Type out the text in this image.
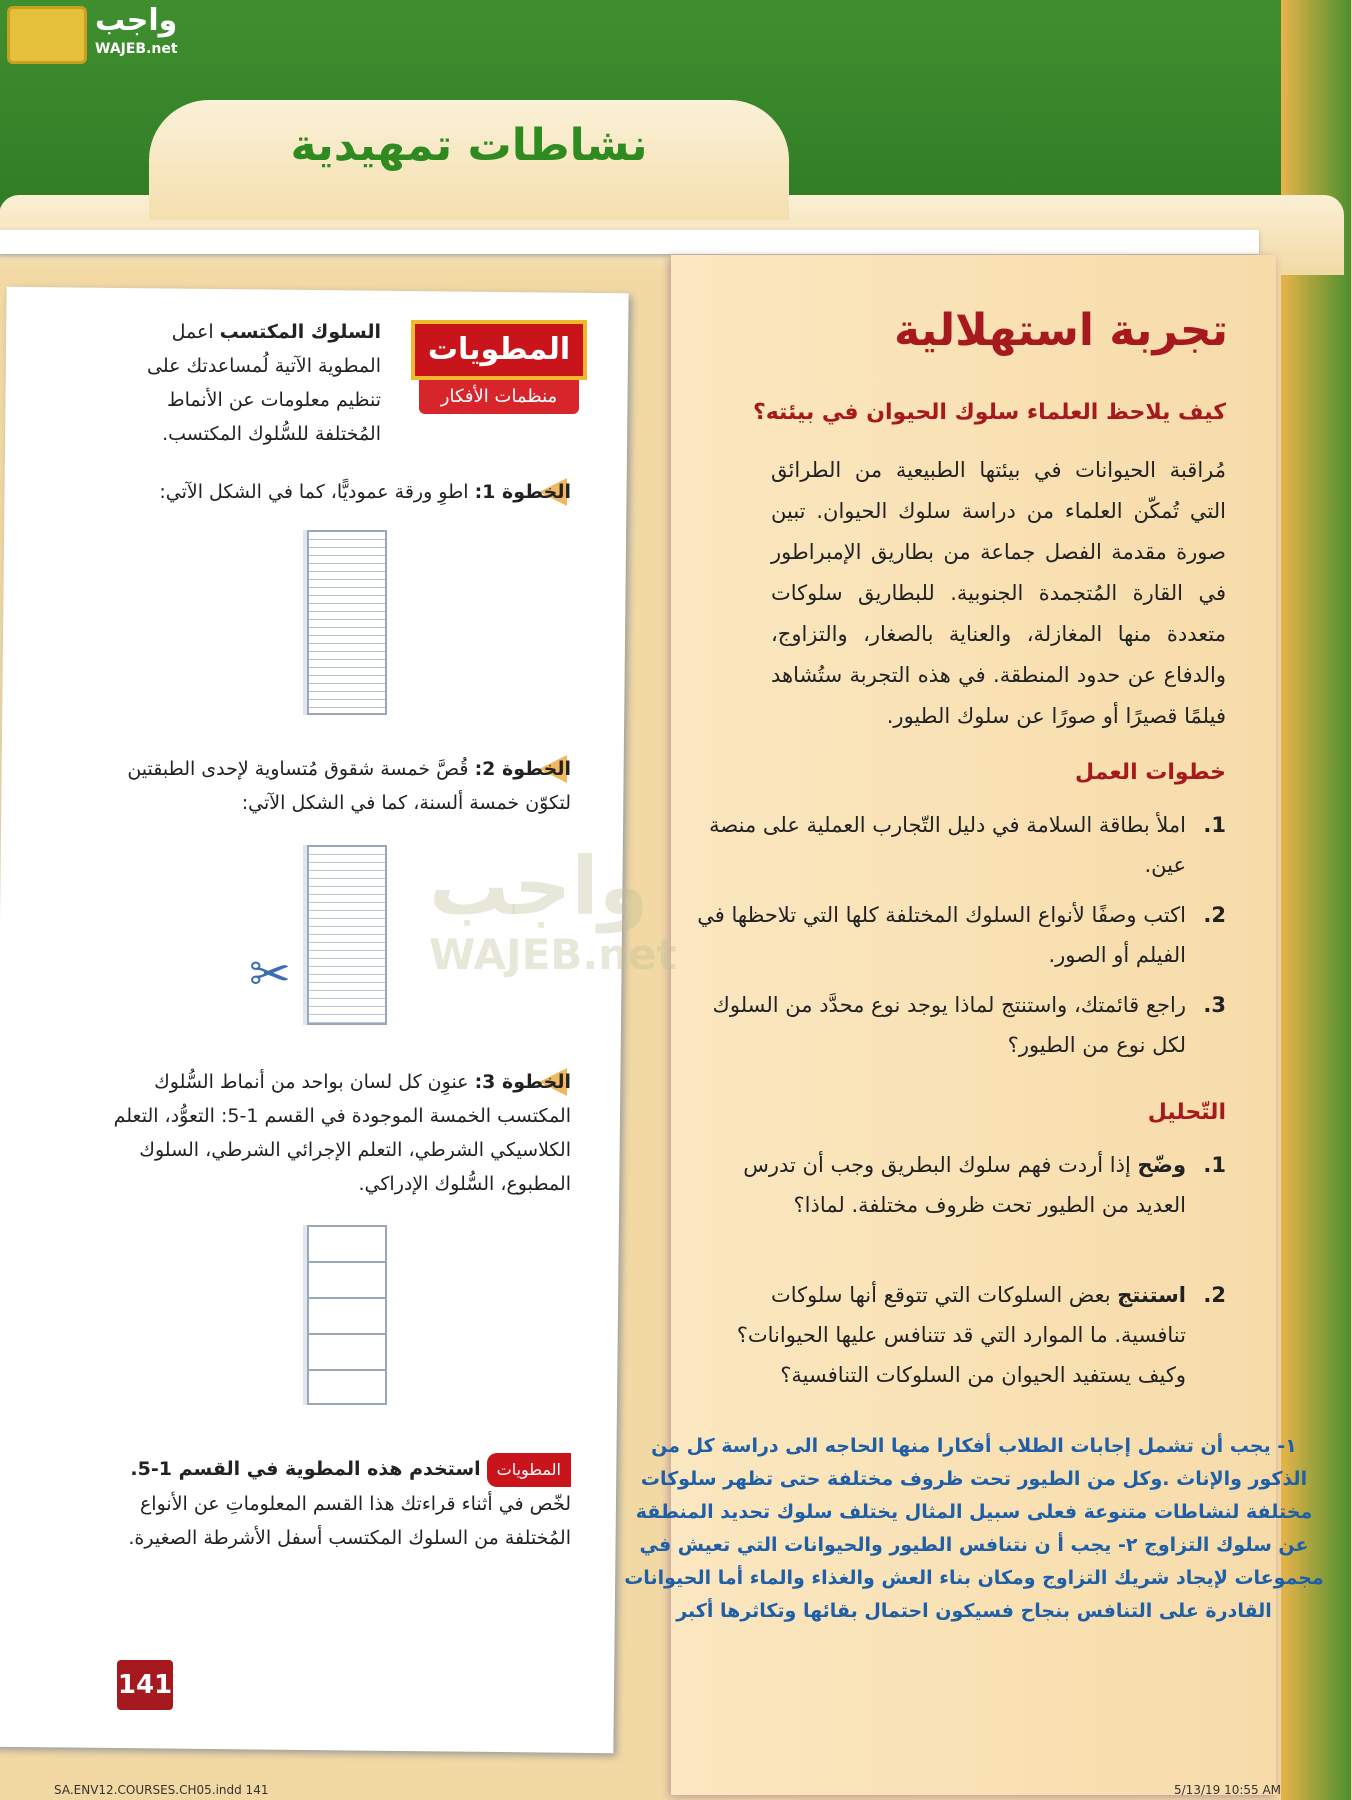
واجب
WAJEB.net
نشاطات تمهيدية
واجب
WAJEB.net
تجربة استهلالية
كيف يلاحظ العلماء سلوك الحيوان في بيئته؟
مُراقبة الحيوانات في بيئتها الطبيعية من الطرائق التي تُمكّن العلماء من دراسة سلوك الحيوان. تبين صورة مقدمة الفصل جماعة من بطاريق الإمبراطور في القارة المُتجمدة الجنوبية. للبطاريق سلوكات متعددة منها المغازلة، والعناية بالصغار، والتزاوج، والدفاع عن حدود المنطقة. في هذه التجربة ستُشاهد فيلمًا قصيرًا أو صورًا عن سلوك الطيور.
خطوات العمل
1.
املأ بطاقة السلامة في دليل التّجارب العملية على منصة عين.
2.
اكتب وصفًا لأنواع السلوك المختلفة كلها التي تلاحظها في الفيلم أو الصور.
3.
راجع قائمتك، واستنتج لماذا يوجد نوع محدَّد من السلوك لكل نوع من الطيور؟
التّحليل
1.
وضّح إذا أردت فهم سلوك البطريق وجب أن تدرس العديد من الطيور تحت ظروف مختلفة. لماذا؟
2.
استنتج بعض السلوكات التي تتوقع أنها سلوكات تنافسية. ما الموارد التي قد تتنافس عليها الحيوانات؟ وكيف يستفيد الحيوان من السلوكات التنافسية؟
١- يجب أن تشمل إجابات الطلاب أفكارا منها الحاجه الى دراسة كل من الذكور والإناث .وكل من الطيور تحت ظروف مختلفة حتى تظهر سلوكات مختلفة لنشاطات متنوعة فعلى سبيل المثال يختلف سلوك تحديد المنطقة عن سلوك التزاوج ٢- يجب أ ن نتنافس الطيور والحيوانات التي تعيش في مجموعات لإيجاد شريك التزاوج ومكان بناء العش والغذاء والماء أما الحيوانات القادرة على التنافس بنجاح فسيكون احتمال بقائها وتكاثرها أكبر
المطويات
منظمات الأفكار
السلوك المكتسب اعمل المطوية الآتية لُمساعدتك على تنظيم معلومات عن الأنماط المُختلفة للسُّلوك المكتسب.
الخطوة 1: اطوِ ورقة عموديًّا، كما في الشكل الآتي:
الخطوة 2: قُصَّ خمسة شقوق مُتساوية لإحدى الطبقتين لتكوّن خمسة ألسنة، كما في الشكل الآتي:
✂
الخطوة 3: عنوِن كل لسان بواحد من أنماط السُّلوك المكتسب الخمسة الموجودة في القسم 1-5: التعوُّد، التعلم الكلاسيكي الشرطي، التعلم الإجرائي الشرطي، السلوك المطبوع، السُّلوك الإدراكي.
المطوياتاستخدم هذه المطوية في القسم 1-5. لخّص في أثناء قراءتك هذا القسم المعلوماتِ عن الأنواع المُختلفة من السلوك المكتسب أسفل الأشرطة الصغيرة.
141
SA.ENV12.COURSES.CH05.indd 141	5/13/19 10:55 AM
